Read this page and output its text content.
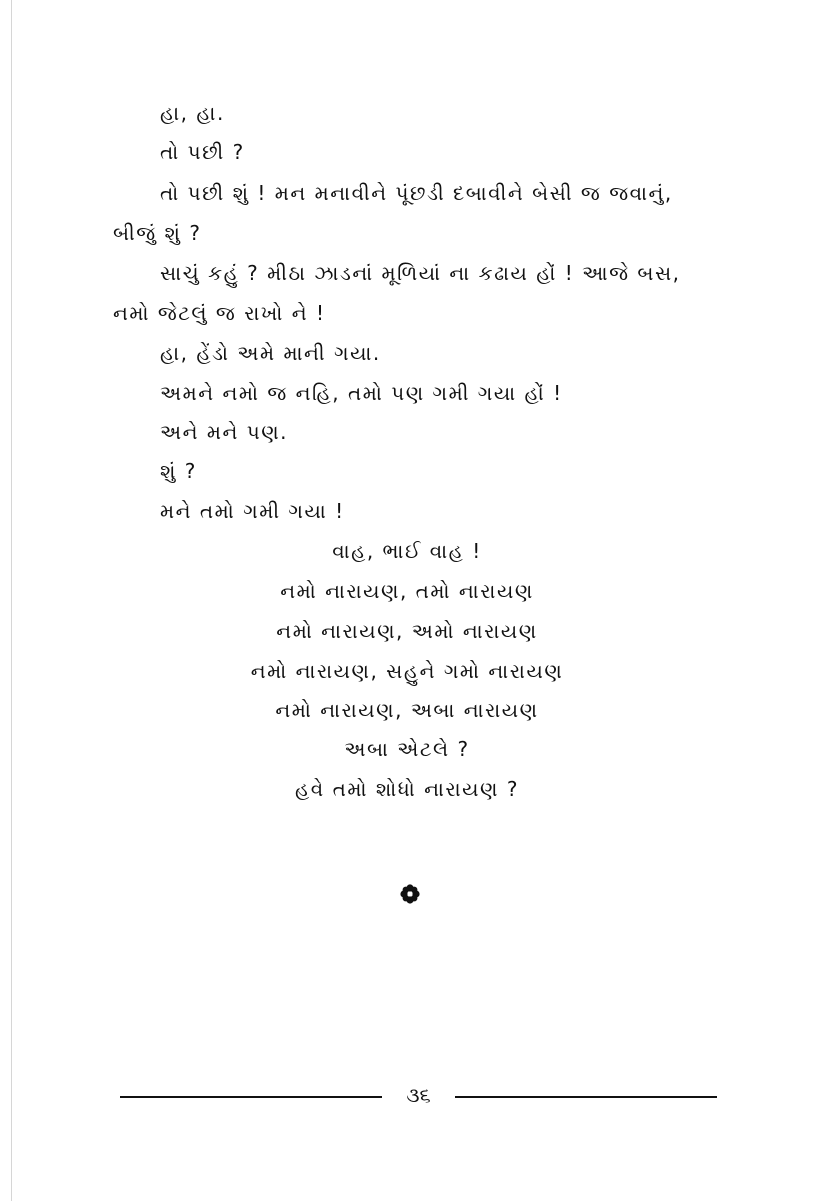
હા, હા.
તો પછી ?
તો પછી શું ! મન મનાવીને પૂંછડી દબાવીને બેસી જ જવાનું,
બીજું શું ?
સાચું કહું ? મીઠા ઝાડનાં મૂળિયાં ના કઢાય હોં ! આજે બસ,
નમો જેટલું જ રાખો ને !
હા, હેંડો અમે માની ગયા.
અમને નમો જ નહિ, તમો પણ ગમી ગયા હોં !
અને મને પણ.
શું ?
મને તમો ગમી ગયા !
વાહ, ભાઈ વાહ !
નમો નારાયણ, તમો નારાયણ
નમો નારાયણ, અમો નારાયણ
નમો નારાયણ, સહુને ગમો નારાયણ
નમો નારાયણ, અબા નારાયણ
અબા એટલે ?
હવે તમો શોધો નારાયણ ?
૩૬
